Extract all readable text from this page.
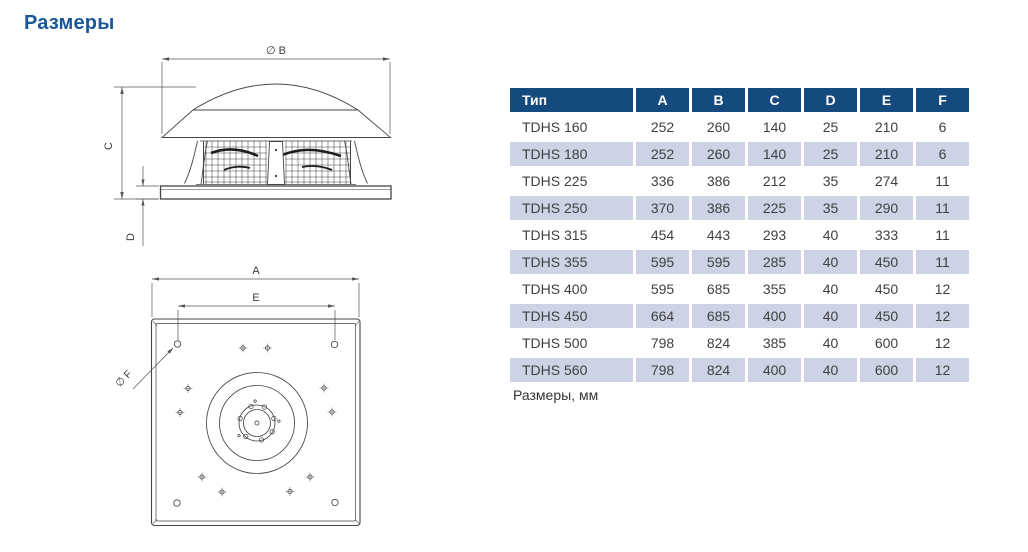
Размеры
∅ B
C
D
A
E
∅ F
Тип	A	B	C	D	E	F
TDHS 160	252	260	140	25	210	6
TDHS 180	252	260	140	25	210	6
TDHS 225	336	386	212	35	274	11
TDHS 250	370	386	225	35	290	11
TDHS 315	454	443	293	40	333	11
TDHS 355	595	595	285	40	450	11
TDHS 400	595	685	355	40	450	12
TDHS 450	664	685	400	40	450	12
TDHS 500	798	824	385	40	600	12
TDHS 560	798	824	400	40	600	12
Размеры, мм
